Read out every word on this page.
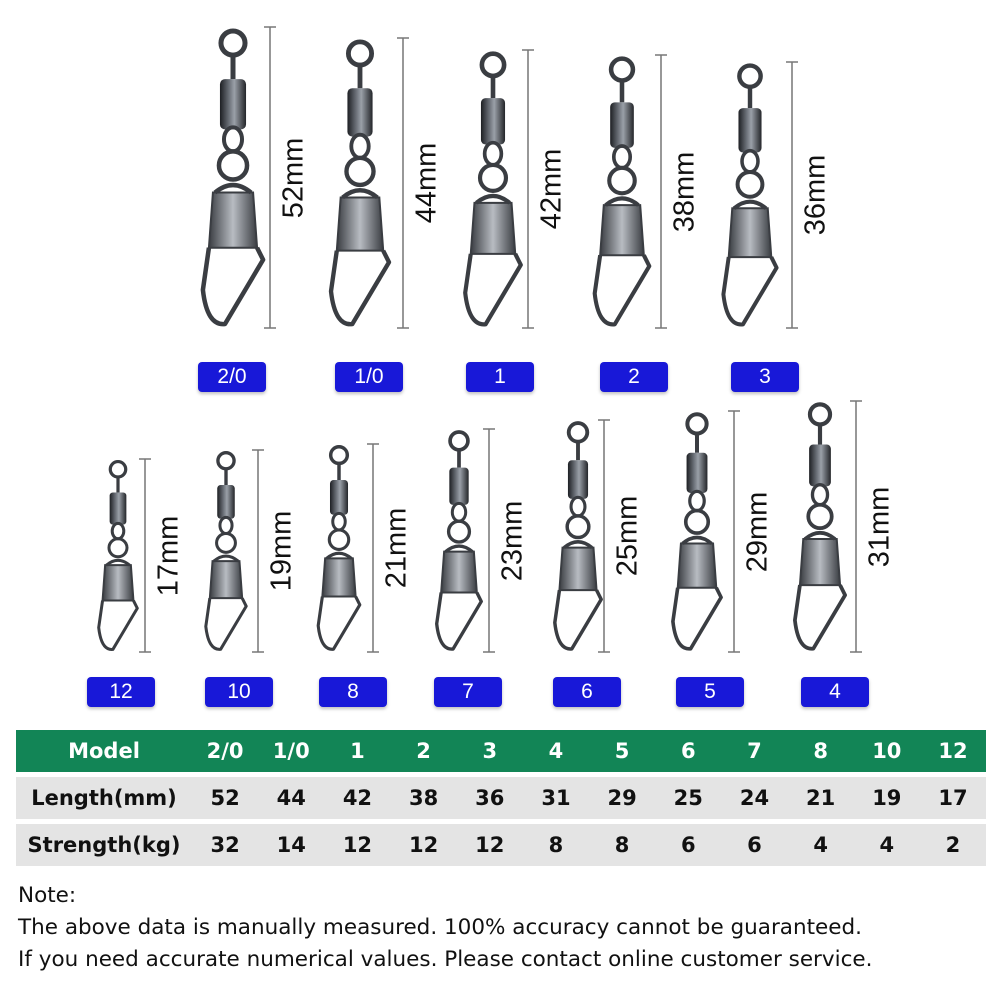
52mm
2/0
44mm
1/0
42mm
1
38mm
2
36mm
3
17mm
12
19mm
10
21mm
8
23mm
7
25mm
6
29mm
5
31mm
4
Model	2/0	1/0	1	2	3	4	5	6	7	8	10	12
Length(mm)	52	44	42	38	36	31	29	25	24	21	19	17
Strength(kg)	32	14	12	12	12	8	8	6	6	4	4	2
Note:
The above data is manually measured. 100% accuracy cannot be guaranteed.
If you need accurate numerical values. Please contact online customer service.
